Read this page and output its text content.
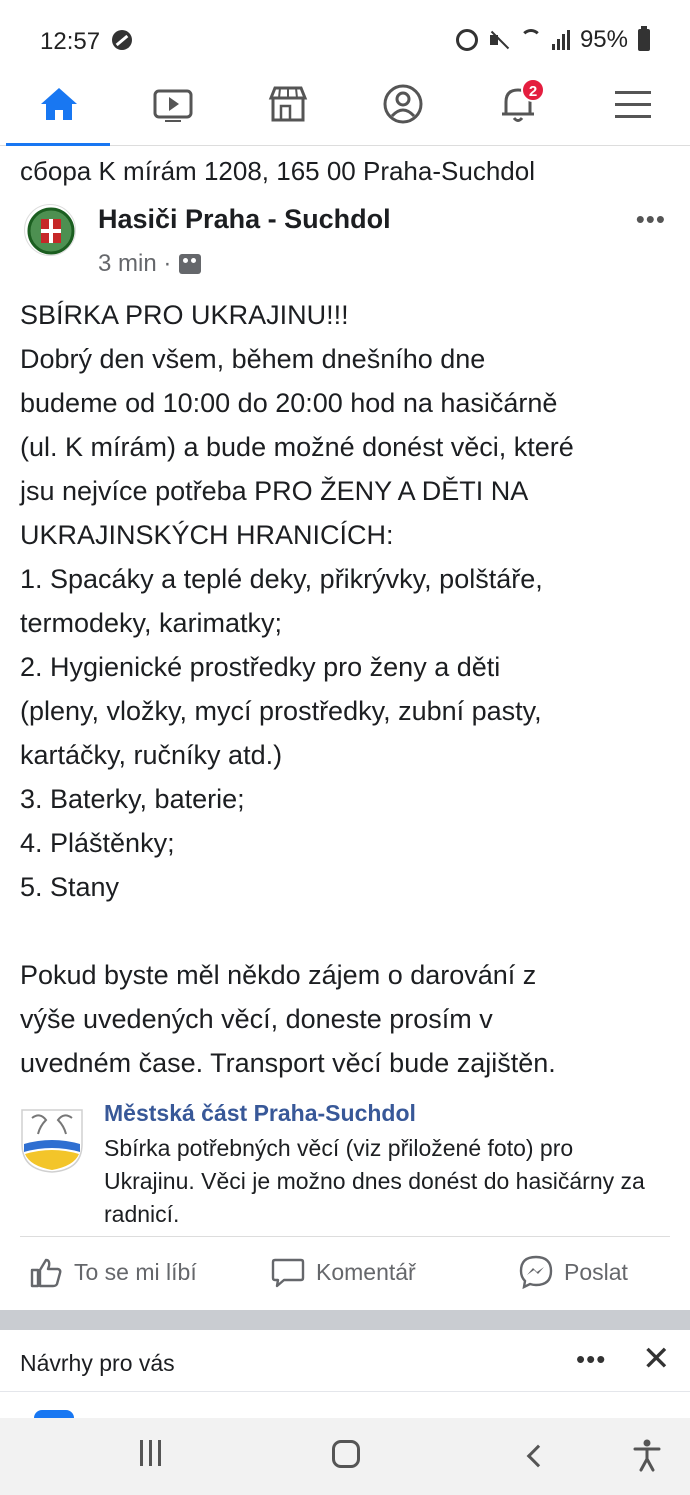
12:57	95%
2
сбора K mírám 1208, 165 00 Praha-Suchdol
Hasiči Praha - Suchdol
3 min ·
•••

SBÍRKA PRO UKRAJINU!!!

Dobrý den všem, během dnešního dne

budeme od 10:00 do 20:00 hod na hasičárně

(ul. K mírám) a bude možné donést věci, které

jsu nejvíce potřeba PRO ŽENY A DĚTI NA

UKRAJINSKÝCH HRANICÍCH:

1. Spacáky a teplé deky, přikrývky, polštáře,

termodeky, karimatky;

2. Hygienické prostředky pro ženy a děti

(pleny, vložky, mycí prostředky, zubní pasty,

kartáčky, ručníky atd.)

3. Baterky, baterie;

4. Pláštěnky;

5. Stany

Pokud byste měl někdo zájem o darování z

výše uvedených věcí, doneste prosím v

uvedném čase. Transport věcí bude zajištěn.

Městská část Praha-Suchdol
Sbírka potřebných věcí (viz přiložené foto) pro Ukrajinu. Věci je možno dnes donést do hasičárny za radnicí.
To se mi líbí	Komentář	Poslat
Návrhy pro vás	••• ✕
